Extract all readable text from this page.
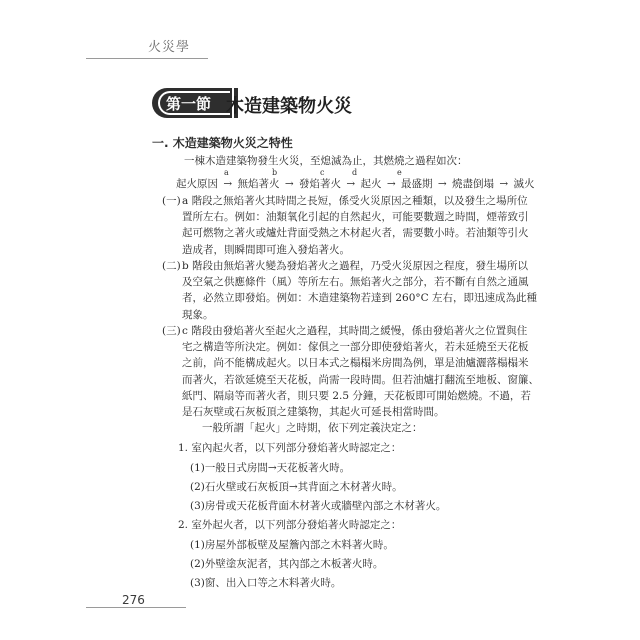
火災學
第一節 木造建築物火災
一. 木造建築物火災之特性
一棟木造建築物發生火災，至熄滅為止，其燃燒之過程如次：
a	b	c	d	e
起火原因 → 無焰著火 → 發焰著火 → 起火 → 最盛期 → 燒盡倒塌 → 滅火
(一) a 階段之無焰著火其時間之長短，係受火災原因之種類，以及發生之場所位
置所左右。例如：油類氧化引起的自然起火，可能要數週之時間，煙蒂致引
起可燃物之著火或爐灶背面受熱之木材起火者，需要數小時。若油類等引火
造成者，則瞬間即可進入發焰著火。
(二) b 階段由無焰著火變為發焰著火之過程，乃受火災原因之程度，發生場所以
及空氣之供應條件（風）等所左右。無焰著火之部分，若不斷有自然之通風
者，必然立即發焰。例如：木造建築物若達到 260°C 左右，即迅速成為此種
現象。
(三) c 階段由發焰著火至起火之過程，其時間之緩慢，係由發焰著火之位置與住
宅之構造等所決定。例如：傢俱之一部分即使發焰著火，若未延燒至天花板
之前，尚不能構成起火。以日本式之榻榻米房間為例，單是油爐灑落榻榻米
而著火，若欲延燒至天花板，尚需一段時間。但若油爐打翻流至地板、窗簾、
紙門、隔扇等而著火者，則只要 2.5 分鐘，天花板即可開始燃燒。不過，若
是石灰壁或石灰板頂之建築物，其起火可延長相當時間。
一般所謂「起火」之時期，依下列定義決定之：
1. 室內起火者，以下列部分發焰著火時認定之：
(1)一般日式房間→天花板著火時。
(2)石火壁或石灰板頂→其背面之木材著火時。
(3)房骨或天花板背面木材著火或牆壁內部之木材著火。
2. 室外起火者，以下列部分發焰著火時認定之：
(1)房屋外部板壁及屋簷內部之木料著火時。
(2)外壁塗灰泥者，其內部之木板著火時。
(3)窗、出入口等之木料著火時。
276
